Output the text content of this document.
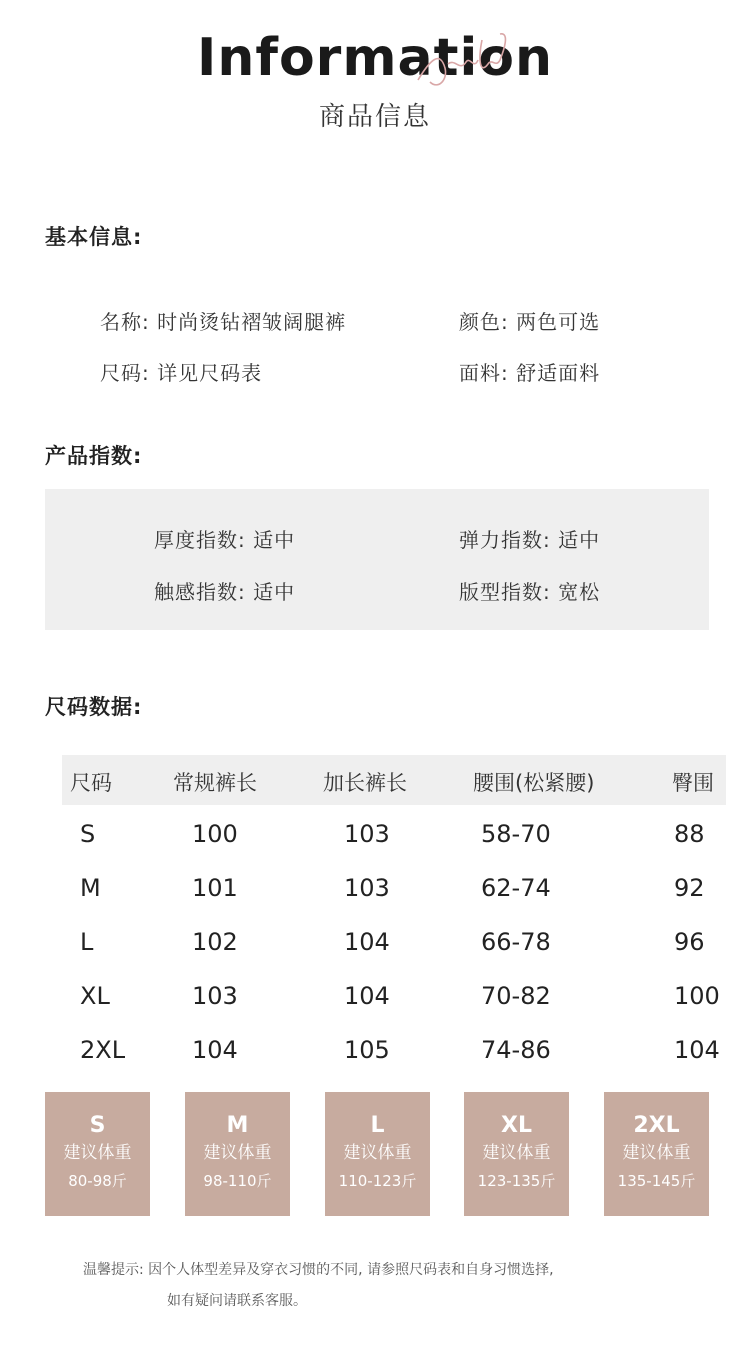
Information
商品信息
基本信息:
名称: 时尚烫钻褶皱阔腿裤	颜色: 两色可选
尺码: 详见尺码表	面料: 舒适面料
产品指数:
厚度指数: 适中	弹力指数: 适中
触感指数: 适中	版型指数: 宽松
尺码数据:
尺码	常规裤长	加长裤长	腰围(松紧腰)	臀围
S	100	103	58-70	88
M	101	103	62-74	92
L	102	104	66-78	96
XL	103	104	70-82	100
2XL	104	105	74-86	104
S
建议体重
80-98斤
M
建议体重
98-110斤
L
建议体重
110-123斤
XL
建议体重
123-135斤
2XL
建议体重
135-145斤
温馨提示: 因个人体型差异及穿衣习惯的不同, 请参照尺码表和自身习惯选择,
如有疑问请联系客服。
